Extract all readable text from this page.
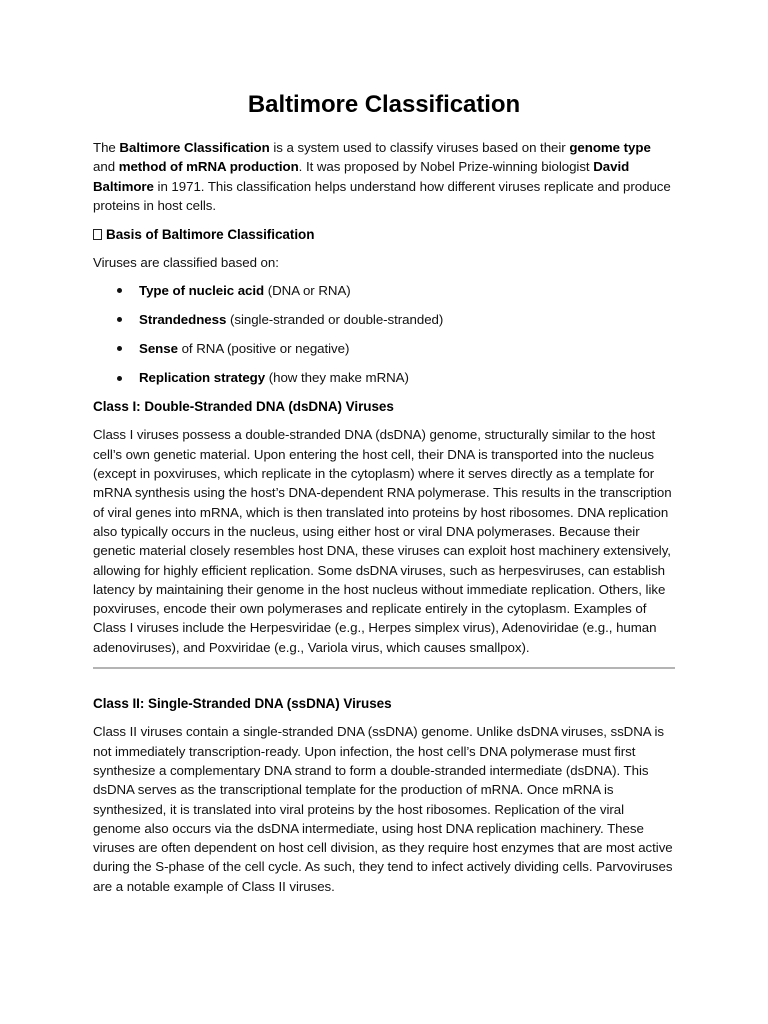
Baltimore Classification

The Baltimore Classification is a system used to classify viruses based on their genome type and method of mRNA production. It was proposed by Nobel Prize-winning biologist David Baltimore in 1971. This classification helps understand how different viruses replicate and produce proteins in host cells.

Basis of Baltimore Classification

Viruses are classified based on:

Type of nucleic acid (DNA or RNA)
Strandedness (single-stranded or double-stranded)
Sense of RNA (positive or negative)
Replication strategy (how they make mRNA)
Class I: Double-Stranded DNA (dsDNA) Viruses

Class I viruses possess a double-stranded DNA (dsDNA) genome, structurally similar to the host cell’s own genetic material. Upon entering the host cell, their DNA is transported into the nucleus (except in poxviruses, which replicate in the cytoplasm) where it serves directly as a template for mRNA synthesis using the host’s DNA-dependent RNA polymerase. This results in the transcription of viral genes into mRNA, which is then translated into proteins by host ribosomes. DNA replication also typically occurs in the nucleus, using either host or viral DNA polymerases. Because their genetic material closely resembles host DNA, these viruses can exploit host machinery extensively, allowing for highly efficient replication. Some dsDNA viruses, such as herpesviruses, can establish latency by maintaining their genome in the host nucleus without immediate replication. Others, like poxviruses, encode their own polymerases and replicate entirely in the cytoplasm. Examples of Class I viruses include the Herpesviridae (e.g., Herpes simplex virus), Adenoviridae (e.g., human adenoviruses), and Poxviridae (e.g., Variola virus, which causes smallpox).

Class II: Single-Stranded DNA (ssDNA) Viruses

Class II viruses contain a single-stranded DNA (ssDNA) genome. Unlike dsDNA viruses, ssDNA is not immediately transcription-ready. Upon infection, the host cell’s DNA polymerase must first synthesize a complementary DNA strand to form a double-stranded intermediate (dsDNA). This dsDNA serves as the transcriptional template for the production of mRNA. Once mRNA is synthesized, it is translated into viral proteins by the host ribosomes. Replication of the viral genome also occurs via the dsDNA intermediate, using host DNA replication machinery. These viruses are often dependent on host cell division, as they require host enzymes that are most active during the S-phase of the cell cycle. As such, they tend to infect actively dividing cells. Parvoviruses are a notable example of Class II viruses.
